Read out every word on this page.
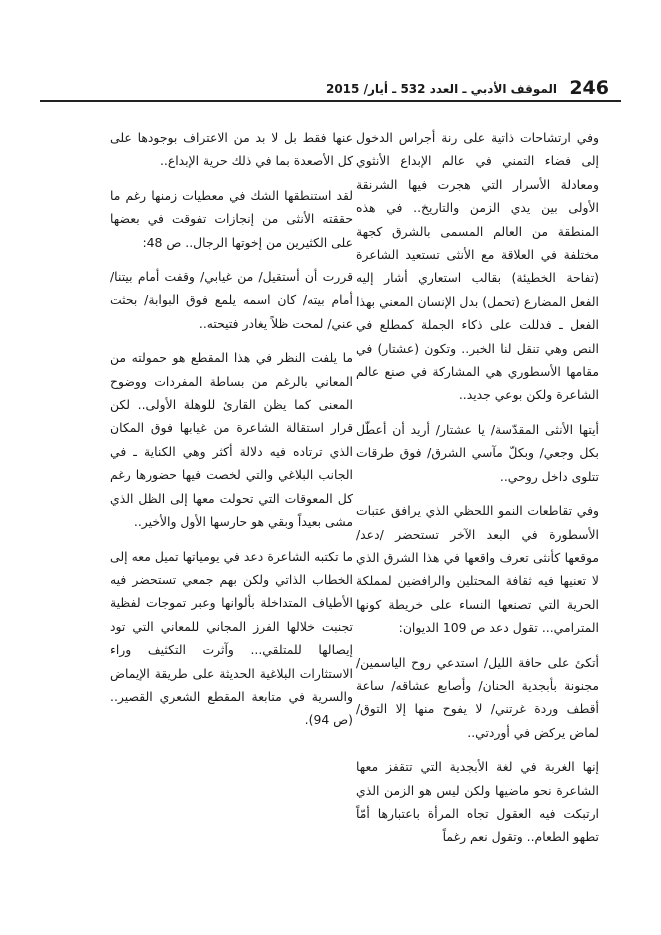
246
الموقف الأدبي ـ العدد 532 ـ أيار/ 2015

وفي ارتشاحات ذاتية على رنة أجراس الدخول إلى فضاء التمني في عالم الإبداع الأنثوي ومعادلة الأسرار التي هجرت فيها الشرنقة الأولى بين يدي الزمن والتاريخ.. في هذه المنطقة من العالم المسمى بالشرق كجهة مختلفة في العلاقة مع الأنثى تستعيد الشاعرة (تفاحة الخطيئة) بقالب استعاري أشار إليه الفعل المضارع (تحمل) بدل الإنسان المعني بهذا الفعل ـ فدللت على ذكاء الجملة كمطلع في النص وهي تنقل لنا الخبر.. وتكون (عشتار) في مقامها الأسطوري هي المشاركة في صنع عالم الشاعرة ولكن بوعي جديد..

أيتها الأنثى المقدّسة/ يا عشتار/ أريد أن أعطّل بكل وجعي/ وبكلّ مآسي الشرق/ فوق طرقات تتلوى داخل روحي..

وفي تقاطعات النمو اللحظي الذي يرافق عتبات الأسطورة في البعد الآخر تستحضر /دعد/ موقعها كأنثى تعرف واقعها في هذا الشرق الذي لا تعنيها فيه ثقافة المحتلين والرافضين لمملكة الحرية التي تصنعها النساء على خريطة كونها المترامي... تقول دعد ص 109 الديوان:

أتكئ على حافة الليل/ استدعي روح الياسمين/ مجنونة بأبجدية الحنان/ وأصابع عشاقه/ ساعة أقطف وردة غرتني/ لا يفوح منها إلا التوق/ لماض يركض في أوردتي..

إنها الغربة في لغة الأبجدية التي تتقفز معها الشاعرة نحو ماضيها ولكن ليس هو الزمن الذي ارتبكت فيه العقول تجاه المرأة باعتبارها أمّاً تطهو الطعام.. وتقول نعم رغماً

عنها فقط بل لا بد من الاعتراف بوجودها على كل الأصعدة بما في ذلك حرية الإبداع..

لقد استنطقها الشك في معطيات زمنها رغم ما حققته الأنثى من إنجازات تفوقت في بعضها على الكثيرين من إخوتها الرجال.. ص 48:

قررت أن أستقيل/ من غيابي/ وقفت أمام بيتنا/ أمام بيته/ كان اسمه يلمع فوق البوابة/ بحثت عني/ لمحت ظلاً يغادر فتيحته..

ما يلفت النظر في هذا المقطع هو حمولته من المعاني بالرغم من بساطة المفردات ووضوح المعنى كما يظن القارئ للوهلة الأولى.. لكن قرار استقالة الشاعرة من غيابها فوق المكان الذي ترتاده فيه دلالة أكثر وهي الكناية ـ في الجانب البلاغي والتي لخصت فيها حضورها رغم كل المعوقات التي تحولت معها إلى الظل الذي مشى بعيداً وبقي هو حارسها الأول والأخير..

ما تكتبه الشاعرة دعد في يومياتها تميل معه إلى الخطاب الذاتي ولكن بهم جمعي تستحضر فيه الأطياف المتداخلة بألوانها وعبر تموجات لفظية تجنبت خلالها الفرز المجاني للمعاني التي تود إيصالها للمتلقي... وآثرت التكثيف وراء الاستثارات البلاغية الحديثة على طريقة الإيماض والسرية في متابعة المقطع الشعري القصير.. (ص 94).
